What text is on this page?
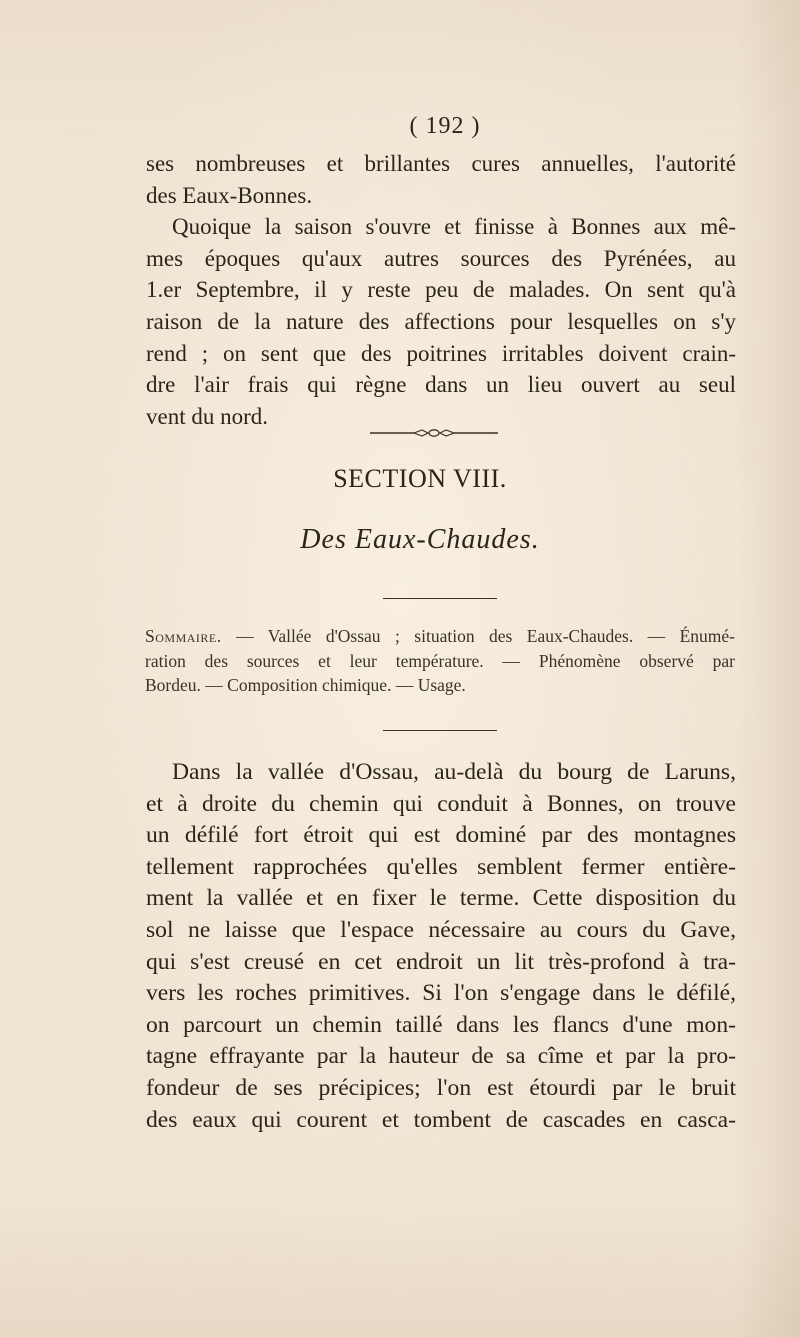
( 192 )
ses nombreuses et brillantes cures annuelles, l'autorité
des Eaux-Bonnes.
Quoique la saison s'ouvre et finisse à Bonnes aux mê-
mes époques qu'aux autres sources des Pyrénées, au
1.er Septembre, il y reste peu de malades. On sent qu'à
raison de la nature des affections pour lesquelles on s'y
rend ; on sent que des poitrines irritables doivent crain-
dre l'air frais qui règne dans un lieu ouvert au seul
vent du nord.
SECTION VIII.
Des Eaux-Chaudes.
Sommaire. — Vallée d'Ossau ; situation des Eaux-Chaudes. — Énumé-
ration des sources et leur température. — Phénomène observé par
Bordeu. — Composition chimique. — Usage.
Dans la vallée d'Ossau, au-delà du bourg de Laruns,
et à droite du chemin qui conduit à Bonnes, on trouve
un défilé fort étroit qui est dominé par des montagnes
tellement rapprochées qu'elles semblent fermer entière-
ment la vallée et en fixer le terme. Cette disposition du
sol ne laisse que l'espace nécessaire au cours du Gave,
qui s'est creusé en cet endroit un lit très-profond à tra-
vers les roches primitives. Si l'on s'engage dans le défilé,
on parcourt un chemin taillé dans les flancs d'une mon-
tagne effrayante par la hauteur de sa cîme et par la pro-
fondeur de ses précipices; l'on est étourdi par le bruit
des eaux qui courent et tombent de cascades en casca-
